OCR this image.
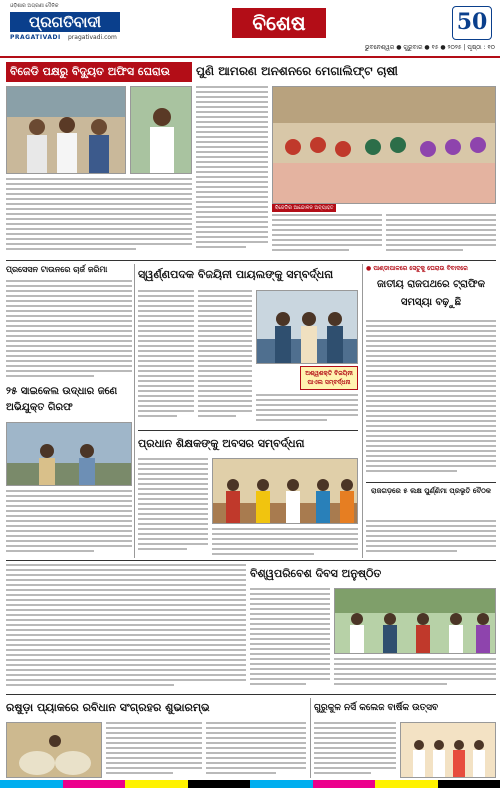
ଓଡ଼ିଶାର ଅଗ୍ରଣୀ ଦୈନିକ
ପ୍ରଗତିବାଦୀ
PRAGATIVADI pragativadi.com
ବିଶେଷ	50
ଭୁବନେଶ୍ୱର ● ଗୁରୁବାର ● ୧୫ ● ୨୦୨୫ | ପୃଷ୍ଠା : ୧୦
ବିଜେଡି ପକ୍ଷରୁ ବିଦ୍ୟୁତ ଅଫିସ ଘେରାଉ	ପୁଣି ଆମରଣ ଅନଶନରେ ମେଗାଲିଫ୍ଟ ଚାଷୀ
ବିଜେଡିର ଆନ୍ଦୋଳନ ଅବ୍ୟାହତ
ପ୍ରସେସନ ଟାଉନରେ ଚାର୍ଜ ଜରିମା
୨୫ ସାଇକେଲ ଉଦ୍ଧାର ଜଣେ ଅଭିଯୁକ୍ତ ଗିରଫ
ସ୍ୱର୍ଣ୍ଣପଦକ ବିଜୟିନୀ ପାୟଲଙ୍କୁ ସମ୍ବର୍ଦ୍ଧନା
ଅଶ୍ୱଶକ୍ତି ବିଜୟିନୀ ପାଏଲ ସମ୍ବର୍ଦ୍ଧନା
● ପାଣ୍ଡାପାଳରେ ସେତୁକୁ ଘେରାଉ ବିବାଦରେ
ଜାତୀୟ ରାଜପଥରେ ଟ୍ରାଫିକ ସମସ୍ୟା ବଢ଼ୁଛି
ପ୍ରଧାନ ଶିକ୍ଷକଙ୍କୁ ଅବସର ସମ୍ବର୍ଦ୍ଧନା
ରାଜଗଡ଼ରେ ୫ ଲକ୍ଷ ପୁର୍ଣ୍ଣିମା ପ୍ରଭୃତି ବୈଠକ
ବିଶ୍ୱପରିବେଶ ଦିବସ ଅନୁଷ୍ଠିତ
ରଷୁଡ଼ା ପ୍ୟାକରେ ରବିଧାନ ସଂଗ୍ରହର ଶୁଭାରମ୍ଭ	ଗୁରୁକୁଳ ନର୍ସି କଲେଜ ବାର୍ଷିକ ଉତ୍ସବ
